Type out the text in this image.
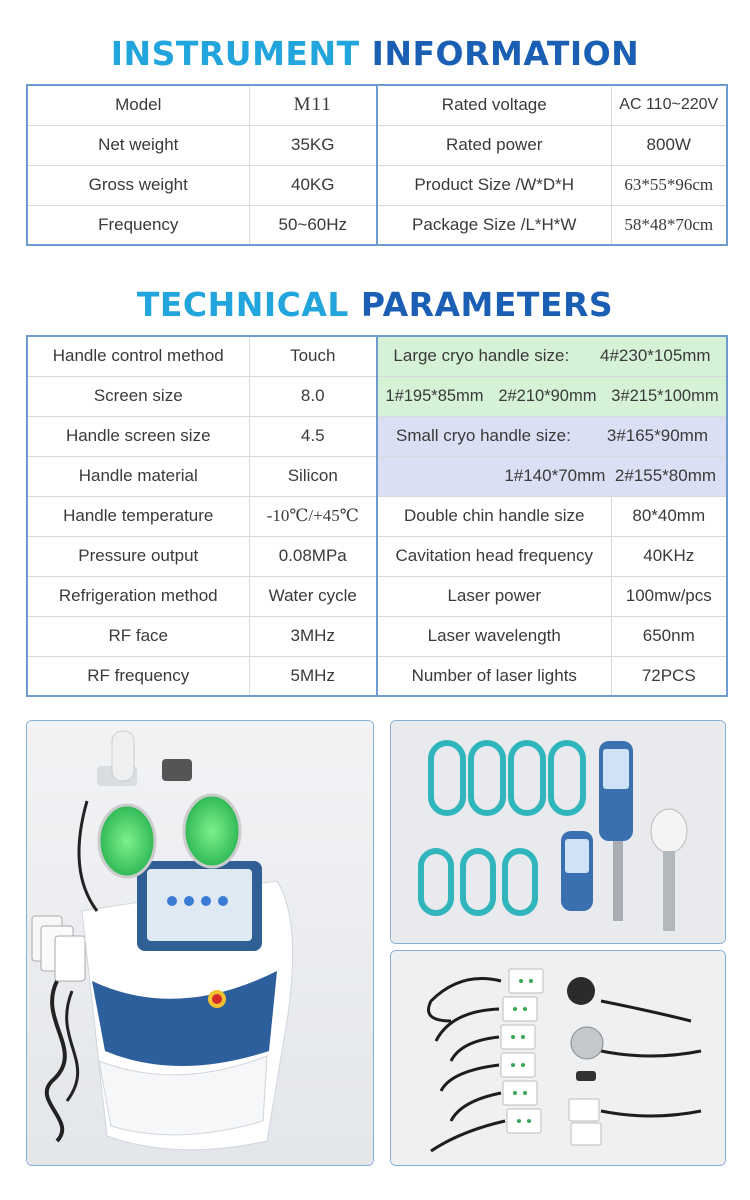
INSTRUMENT INFORMATION
Model	M11	Rated voltage	AC 110~220V
Net weight	35KG	Rated power	800W
Gross weight	40KG	Product Size /W*D*H	63*55*96cm
Frequency	50~60Hz	Package Size /L*H*W	58*48*70cm
TECHNICAL PARAMETERS
Handle control method	Touch	Large cryo handle size: 4#230*105mm	

Screen size	8.0	1#195*85mm 2#210*90mm 3#215*100mm	

Handle screen size	4.5	Small cryo handle size: 3#165*90mm	

Handle material	Silicon	1#140*70mm 2#155*80mm	
Handle temperature	-10℃/+45℃	Double chin handle size	80*40mm
Pressure output	0.08MPa	Cavitation head frequency	40KHz
Refrigeration method	Water cycle	Laser power	100mw/pcs
RF face	3MHz	Laser wavelength	650nm
RF frequency	5MHz	Number of laser lights	72PCS
